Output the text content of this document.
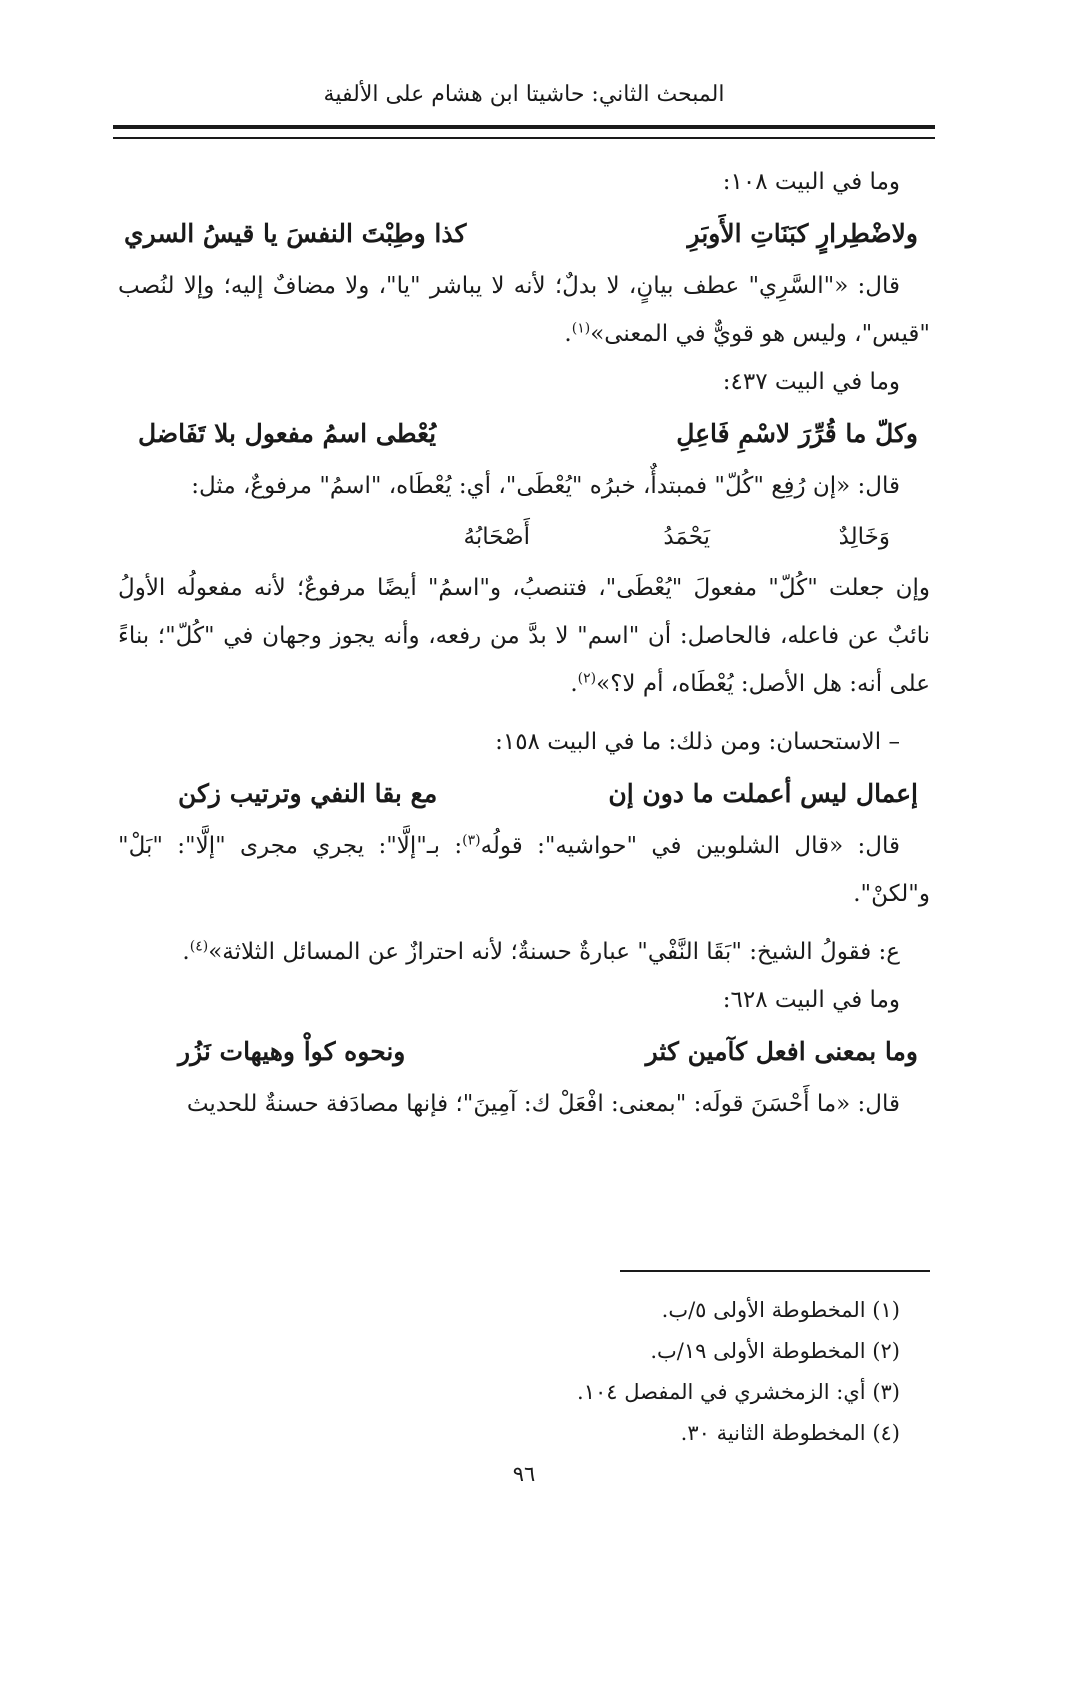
المبحث الثاني: حاشيتا ابن هشام على الألفية

وما في البيت ١٠٨:

ولاضْطِرارٍ كبَنَاتِ الأَوبَرِ
كذا وطِبْتَ النفسَ يا قيسُ السري

قال: «"السَّرِي" عطف بيانٍ، لا بدلٌ؛ لأنه لا يباشر "يا"، ولا مضافٌ إليه؛ وإلا لنُصب "قيس"، وليس هو قويٌّ في المعنى»$^{(١)}$.

وما في البيت ٤٣٧:

وكلّ ما قُرِّرَ لاسْمِ فَاعِلِ
يُعْطى اسمُ مفعول بلا تَفَاضل

قال: «إن رُفِع "كُلّ" فمبتدأٌ، خبرُه "يُعْطَى"، أي: يُعْطَاه، "اسمُ" مرفوعٌ، مثل:

وَخَالِدٌ
يَحْمَدُ
أَصْحَابُهُ

وإن جعلت "كُلّ" مفعولَ "يُعْطَى"، فتنصبُ، و"اسمُ" أيضًا مرفوعٌ؛ لأنه مفعولُه الأولُ نائبٌ عن فاعله، فالحاصل: أن "اسم" لا بدَّ من رفعه، وأنه يجوز وجهان في "كُلّ"؛ بناءً على أنه: هل الأصل: يُعْطَاه، أم لا؟»$^{(٢)}$.

– الاستحسان: ومن ذلك: ما في البيت ١٥٨:

إعمال ليس أعملت ما دون إن
مع بقا النفي وترتيب زكن

قال: «قال الشلوبين في "حواشيه": قولُه$^{(٣)}$: بـ"إلَّا": يجري مجرى "إلَّا": "بَلْ" و"لكنْ".

ع: فقولُ الشيخ: "بَقَا النَّفْي" عبارةٌ حسنةٌ؛ لأنه احترازٌ عن المسائل الثلاثة»$^{(٤)}$.

وما في البيت ٦٢٨:

وما بمعنى افعل كآمين كثر
ونحوه كواْ وهيهات نَزُر

قال: «ما أَحْسَنَ قولَه: "بمعنى: افْعَلْ ك: آمِينَ"؛ فإنها مصادَفة حسنةٌ للحديث

(١) المخطوطة الأولى ٥/ب.
(٢) المخطوطة الأولى ١٩/ب.
(٣) أي: الزمخشري في المفصل ١٠٤.
(٤) المخطوطة الثانية ٣٠.
٩٦
